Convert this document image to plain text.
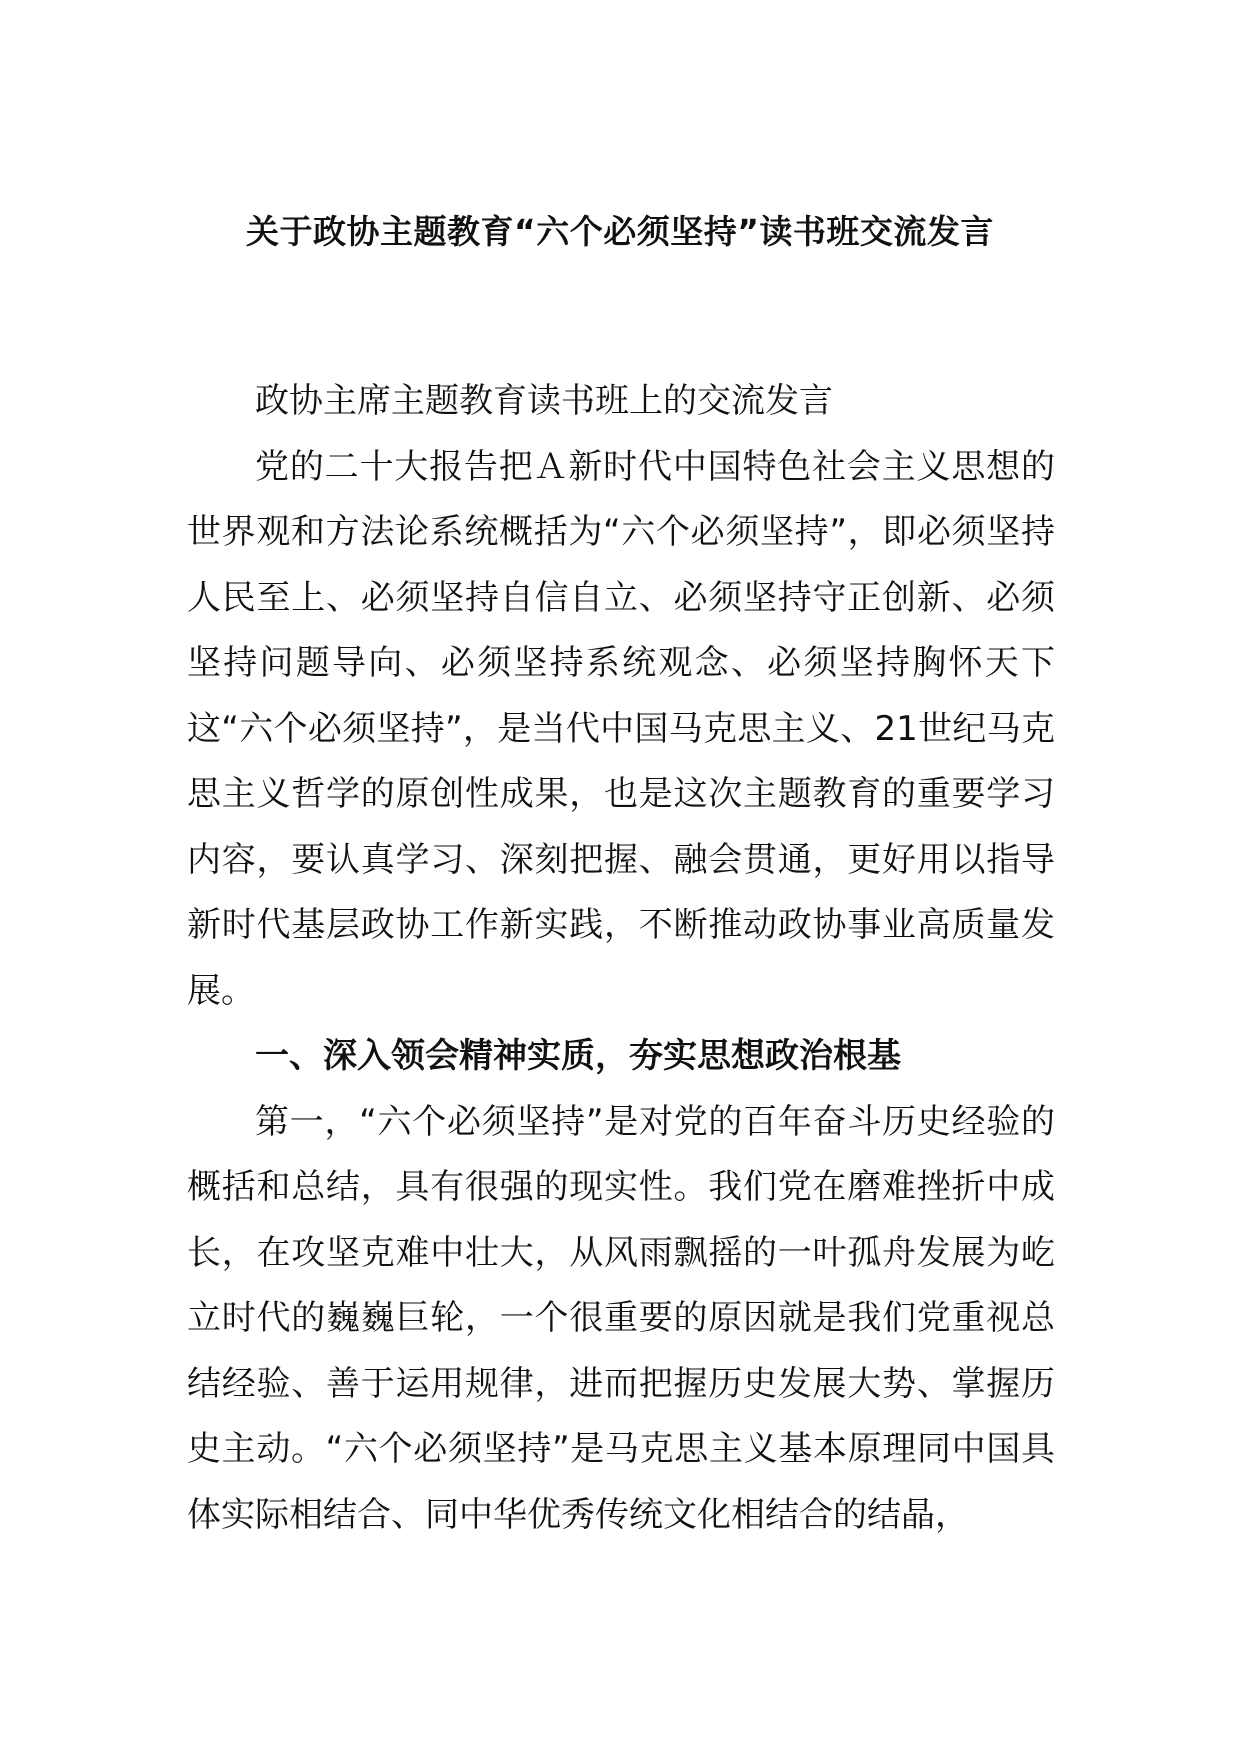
关于政协主题教育“六个必须坚持”读书班交流发言

政协主席主题教育读书班上的交流发言

党的二十大报告把Ａ新时代中国特色社会主义思想的世界观和方法论系统概括为“六个必须坚持”，即必须坚持人民至上、必须坚持自信自立、必须坚持守正创新、必须坚持问题导向、必须坚持系统观念、必须坚持胸怀天下这“六个必须坚持”，是当代中国马克思主义、21世纪马克思主义哲学的原创性成果，也是这次主题教育的重要学习内容，要认真学习、深刻把握、融会贯通，更好用以指导新时代基层政协工作新实践，不断推动政协事业高质量发展。

一、深入领会精神实质，夯实思想政治根基

第一，“六个必须坚持”是对党的百年奋斗历史经验的概括和总结，具有很强的现实性。我们党在磨难挫折中成长，在攻坚克难中壮大，从风雨飘摇的一叶孤舟发展为屹立时代的巍巍巨轮，一个很重要的原因就是我们党重视总结经验、善于运用规律，进而把握历史发展大势、掌握历史主动。“六个必须坚持”是马克思主义基本原理同中国具体实际相结合、同中华优秀传统文化相结合的结晶，
